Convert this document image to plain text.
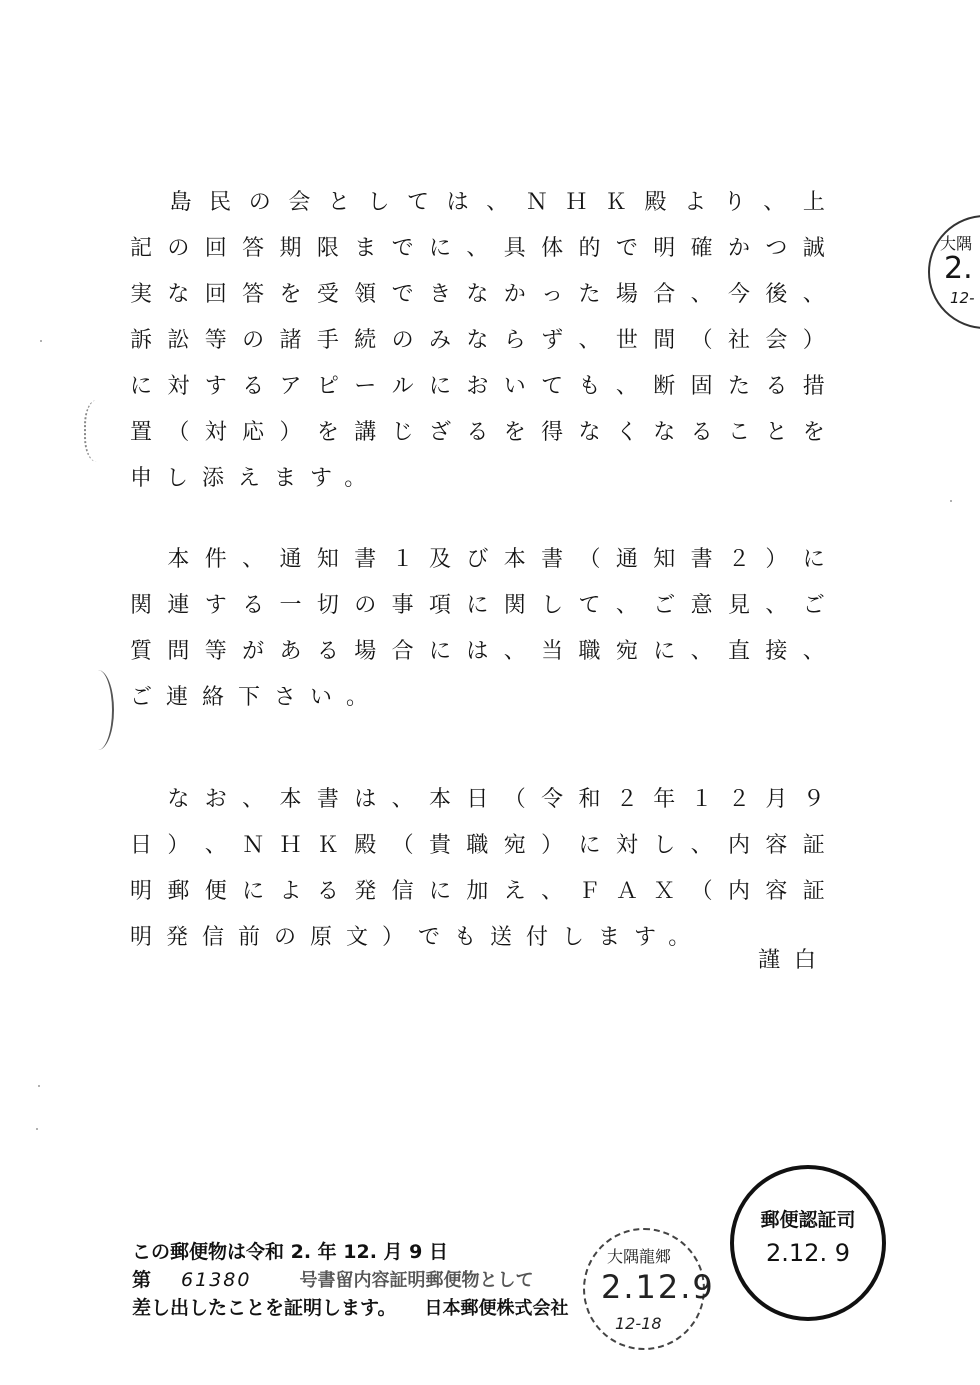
大隅
2.
12-

島 民 の 会 と し て は 、 Ｎ Ｈ Ｋ 殿 よ り 、 上
記 の 回 答 期 限 ま で に 、 具 体 的 で 明 確 か つ 誠
実 な 回 答 を 受 領 で き な か っ た 場 合 、 今 後 、
訴 訟 等 の 諸 手 続 の み な ら ず 、 世 間 （ 社 会 ）
に 対 す る ア ピ ー ル に お い て も 、 断 固 た る 措
置 （ 対 応 ） を 講 じ ざ る を 得 な く な る こ と を
申し添えます。

本 件 、 通 知 書 １ 及 び 本 書 （ 通 知 書 ２ ） に
関 連 す る 一 切 の 事 項 に 関 し て 、 ご 意 見 、 ご
質 問 等 が あ る 場 合 に は 、 当 職 宛 に 、 直 接 、
ご連絡下さい。

な お 、 本 書 は 、 本 日 （ 令 和 ２ 年 １ ２ 月 ９
日 ） 、 Ｎ Ｈ Ｋ 殿 （ 貴 職 宛 ） に 対 し 、 内 容 証
明 郵 便 に よ る 発 信 に 加 え 、 Ｆ Ａ Ｘ （ 内 容 証
明発信前の原文）でも送付します。
謹白
この郵便物は令和 2. 年 12. 月 9 日
第 61380	号書留内容証明郵便物として
差し出したことを証明します。 日本郵便株式会社
大隅龍郷
2.12.9
12-18
郵便認証司
2.12. 9
